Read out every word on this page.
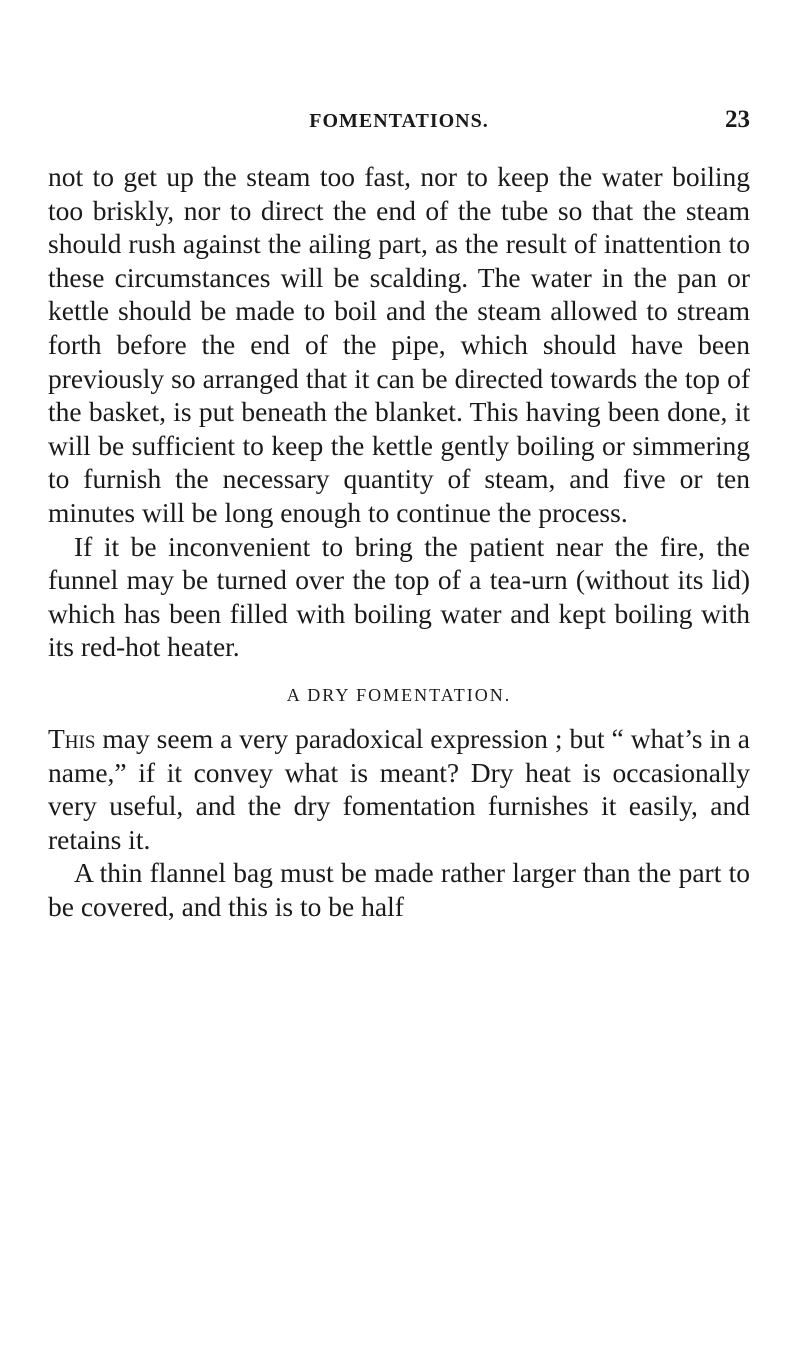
FOMENTATIONS.	23

not to get up the steam too fast, nor to keep the water boiling too briskly, nor to direct the end of the tube so that the steam should rush against the ailing part, as the result of inattention to these circumstances will be scalding. The water in the pan or kettle should be made to boil and the steam allowed to stream forth before the end of the pipe, which should have been previously so arranged that it can be directed towards the top of the basket, is put beneath the blanket. This having been done, it will be sufficient to keep the kettle gently boiling or simmering to furnish the necessary quantity of steam, and five or ten minutes will be long enough to continue the process.

If it be inconvenient to bring the patient near the fire, the funnel may be turned over the top of a tea-urn (without its lid) which has been filled with boiling water and kept boiling with its red-hot heater.

A DRY FOMENTATION.

This may seem a very paradoxical expression ; but “ what’s in a name,” if it convey what is meant? Dry heat is occasionally very useful, and the dry fomentation furnishes it easily, and retains it.

A thin flannel bag must be made rather larger than the part to be covered, and this is to be half
